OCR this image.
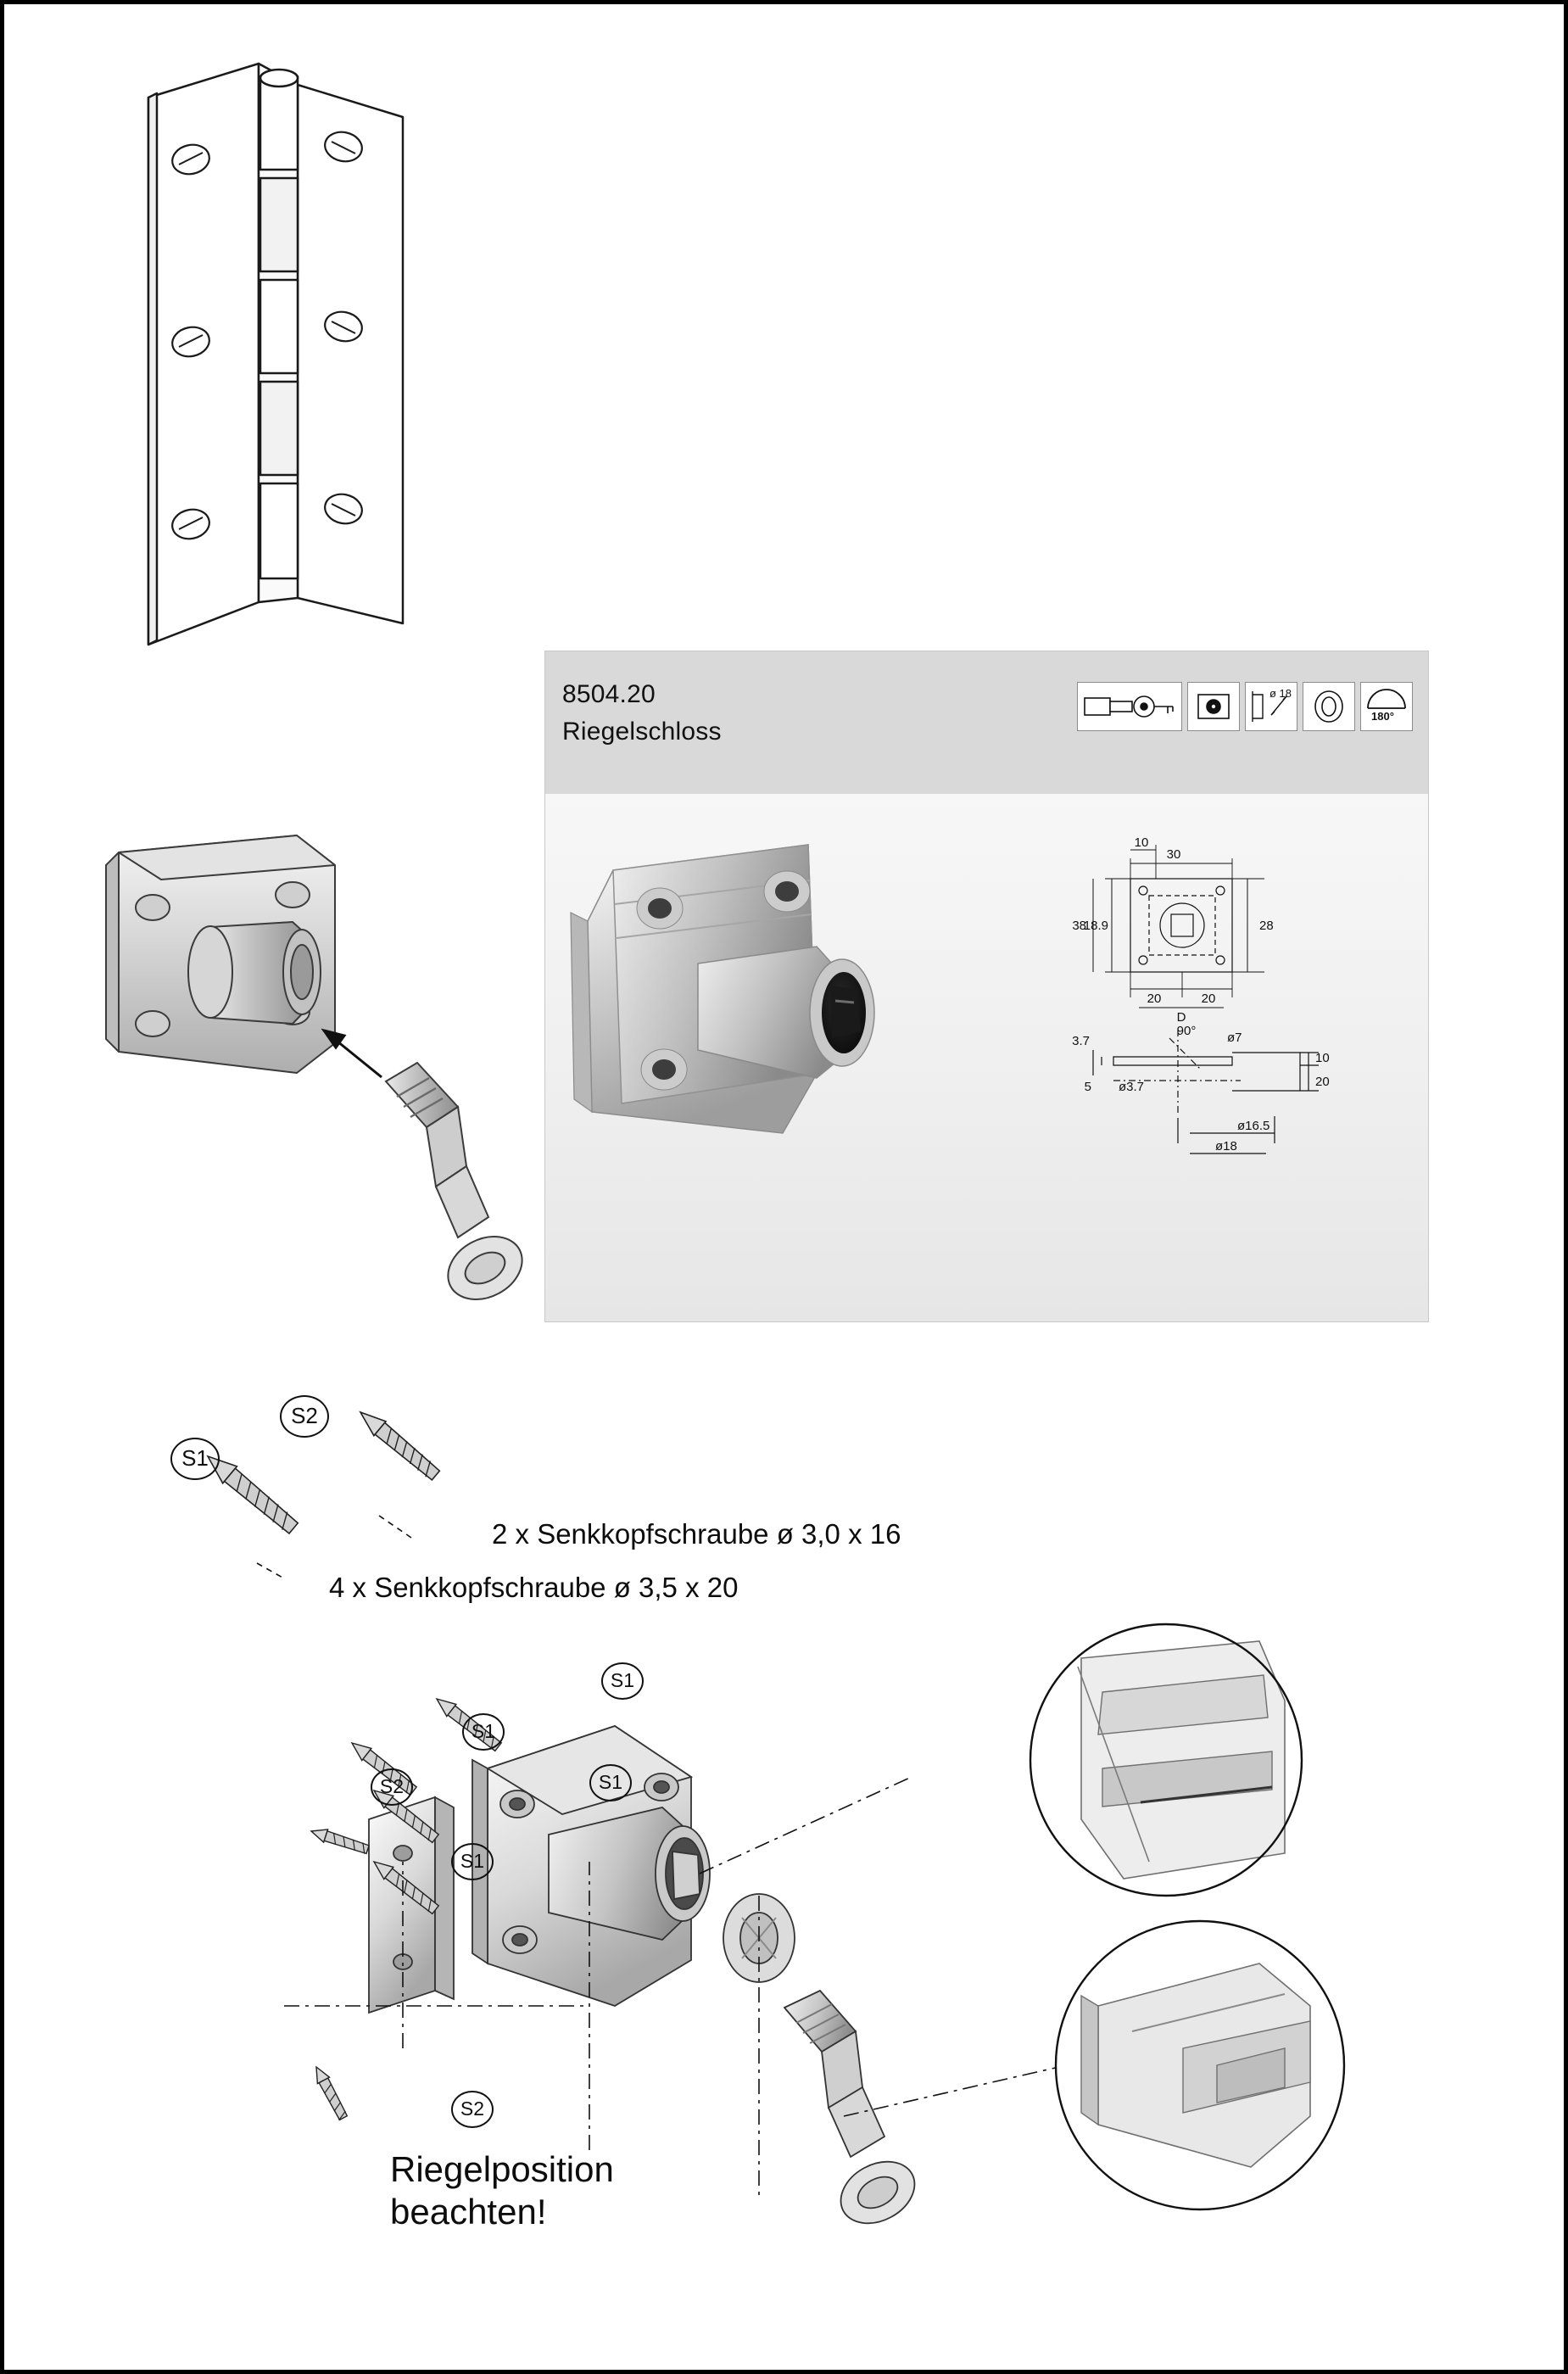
8504.20
Riegelschloss
ø 18
180°
30
10
38
18.9	28
20	20
D
90° ø7
3.7
10
20
5 ø3.7
ø16.5
ø18
S2
S1
2 x Senkkopfschraube ø 3,0 x 16
4 x Senkkopfschraube ø 3,5 x 20
S1
S1
S1
S1
S2
S2
Riegelposition
beachten!
